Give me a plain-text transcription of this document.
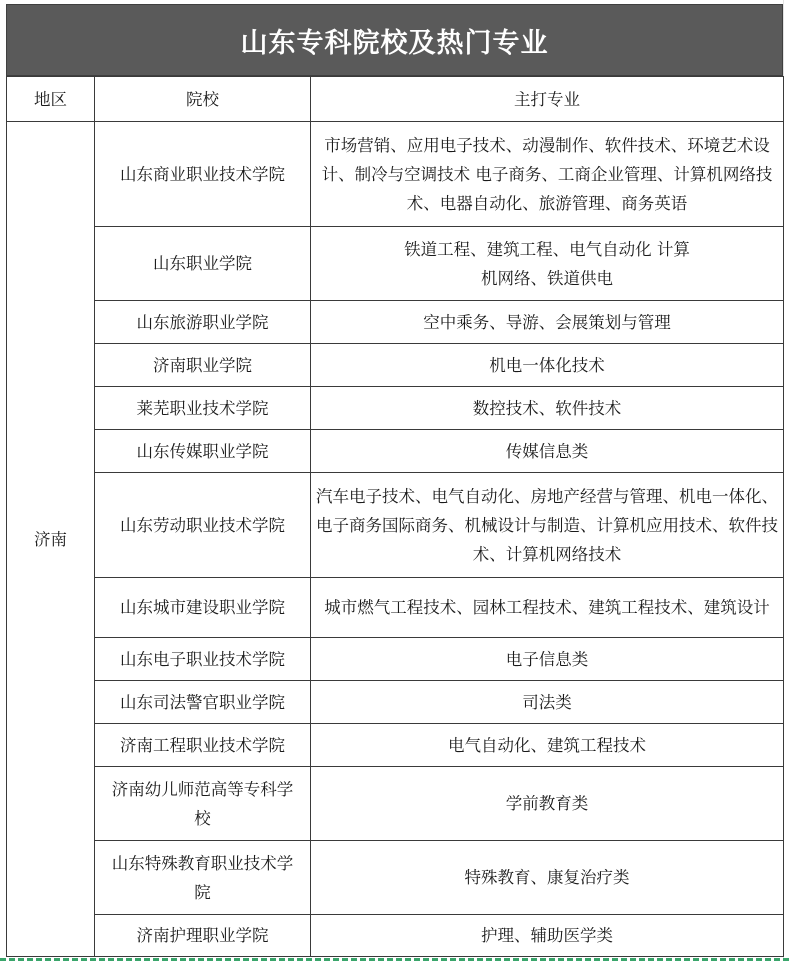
山东专科院校及热门专业
地区	院校	主打专业
济南	山东商业职业技术学院	市场营销、应用电子技术、动漫制作、软件技术、环境艺术设计、制冷与空调技术 电子商务、工商企业管理、计算机网络技术、电器自动化、旅游管理、商务英语
	山东职业学院	铁道工程、建筑工程、电气自动化 计算机网络、铁道供电
	山东旅游职业学院	空中乘务、导游、会展策划与管理
	济南职业学院	机电一体化技术
	莱芜职业技术学院	数控技术、软件技术
	山东传媒职业学院	传媒信息类
	山东劳动职业技术学院	汽车电子技术、电气自动化、房地产经营与管理、机电一体化、电子商务国际商务、机械设计与制造、计算机应用技术、软件技术、计算机网络技术
	山东城市建设职业学院	城市燃气工程技术、园林工程技术、建筑工程技术、建筑设计
	山东电子职业技术学院	电子信息类
	山东司法警官职业学院	司法类
	济南工程职业技术学院	电气自动化、建筑工程技术
	济南幼儿师范高等专科学校	学前教育类
	山东特殊教育职业技术学院	特殊教育、康复治疗类
	济南护理职业学院	护理、辅助医学类
